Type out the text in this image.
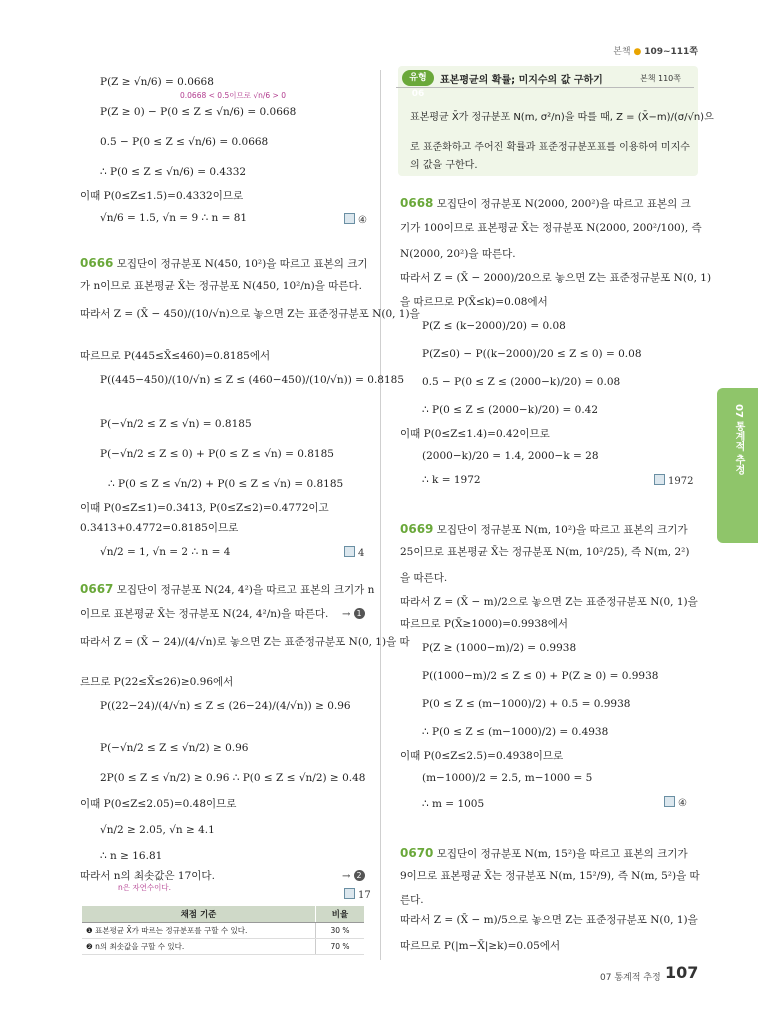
본책 ● 109~111쪽
P(Z ≥ √n/6) = 0.0668
0.0668 < 0.5이므로 √n/6 > 0
P(Z ≥ 0) − P(0 ≤ Z ≤ √n/6) = 0.0668
0.5 − P(0 ≤ Z ≤ √n/6) = 0.0668
∴ P(0 ≤ Z ≤ √n/6) = 0.4332
이때 P(0≤Z≤1.5)=0.4332이므로
√n/6 = 1.5, √n = 9 ∴ n = 81	④
0666 모집단이 정규분포 N(450, 10²)을 따르고 표본의 크기
가 n이므로 표본평균 X̄는 정규분포 N(450, 10²/n)을 따른다.
따라서 Z = (X̄ − 450)/(10/√n)으로 놓으면 Z는 표준정규분포 N(0, 1)을
따르므로 P(445≤X̄≤460)=0.8185에서
P((445−450)/(10/√n) ≤ Z ≤ (460−450)/(10/√n)) = 0.8185
P(−√n/2 ≤ Z ≤ √n) = 0.8185
P(−√n/2 ≤ Z ≤ 0) + P(0 ≤ Z ≤ √n) = 0.8185
∴ P(0 ≤ Z ≤ √n/2) + P(0 ≤ Z ≤ √n) = 0.8185
이때 P(0≤Z≤1)=0.3413, P(0≤Z≤2)=0.4772이고
0.3413+0.4772=0.8185이므로
√n/2 = 1, √n = 2 ∴ n = 4	4
0667 모집단이 정규분포 N(24, 4²)을 따르고 표본의 크기가 n
이므로 표본평균 X̄는 정규분포 N(24, 4²/n)을 따른다. → 1
따라서 Z = (X̄ − 24)/(4/√n)로 놓으면 Z는 표준정규분포 N(0, 1)을 따
르므로 P(22≤X̄≤26)≥0.96에서
P((22−24)/(4/√n) ≤ Z ≤ (26−24)/(4/√n)) ≥ 0.96
P(−√n/2 ≤ Z ≤ √n/2) ≥ 0.96
2P(0 ≤ Z ≤ √n/2) ≥ 0.96 ∴ P(0 ≤ Z ≤ √n/2) ≥ 0.48
이때 P(0≤Z≤2.05)=0.48이므로
√n/2 ≥ 2.05, √n ≥ 4.1
∴ n ≥ 16.81
따라서 n의 최솟값은 17이다.
n은 자연수이다.
→ 2
17
채점 기준	비율
❶ 표본평균 X̄가 따르는 정규분포를 구할 수 있다.	30 %
❷ n의 최솟값을 구할 수 있다.	70 %
유형 06
표본평균의 확률; 미지수의 값 구하기	본책 110쪽
표본평균 X̄가 정규분포 N(m, σ²/n)을 따를 때, Z = (X̄−m)/(σ/√n)으
로 표준화하고 주어진 확률과 표준정규분포표를 이용하여 미지수
의 값을 구한다.
0668 모집단이 정규분포 N(2000, 200²)을 따르고 표본의 크
기가 100이므로 표본평균 X̄는 정규분포 N(2000, 200²/100), 즉
N(2000, 20²)을 따른다.
따라서 Z = (X̄ − 2000)/20으로 놓으면 Z는 표준정규분포 N(0, 1)
을 따르므로 P(X̄≤k)=0.08에서
P(Z ≤ (k−2000)/20) = 0.08
P(Z≤0) − P((k−2000)/20 ≤ Z ≤ 0) = 0.08
0.5 − P(0 ≤ Z ≤ (2000−k)/20) = 0.08
∴ P(0 ≤ Z ≤ (2000−k)/20) = 0.42
이때 P(0≤Z≤1.4)=0.42이므로
(2000−k)/20 = 1.4, 2000−k = 28
∴ k = 1972	1972
0669 모집단이 정규분포 N(m, 10²)을 따르고 표본의 크기가
25이므로 표본평균 X̄는 정규분포 N(m, 10²/25), 즉 N(m, 2²)
을 따른다.
따라서 Z = (X̄ − m)/2으로 놓으면 Z는 표준정규분포 N(0, 1)을
따르므로 P(X̄≥1000)=0.9938에서
P(Z ≥ (1000−m)/2) = 0.9938
P((1000−m)/2 ≤ Z ≤ 0) + P(Z ≥ 0) = 0.9938
P(0 ≤ Z ≤ (m−1000)/2) + 0.5 = 0.9938
∴ P(0 ≤ Z ≤ (m−1000)/2) = 0.4938
이때 P(0≤Z≤2.5)=0.4938이므로
(m−1000)/2 = 2.5, m−1000 = 5
∴ m = 1005	④
0670 모집단이 정규분포 N(m, 15²)을 따르고 표본의 크기가
9이므로 표본평균 X̄는 정규분포 N(m, 15²/9), 즉 N(m, 5²)을 따
른다.
따라서 Z = (X̄ − m)/5으로 놓으면 Z는 표준정규분포 N(0, 1)을
따르므로 P(|m−X̄|≥k)=0.05에서
07 통계적 추정
07 통계적 추정 107
